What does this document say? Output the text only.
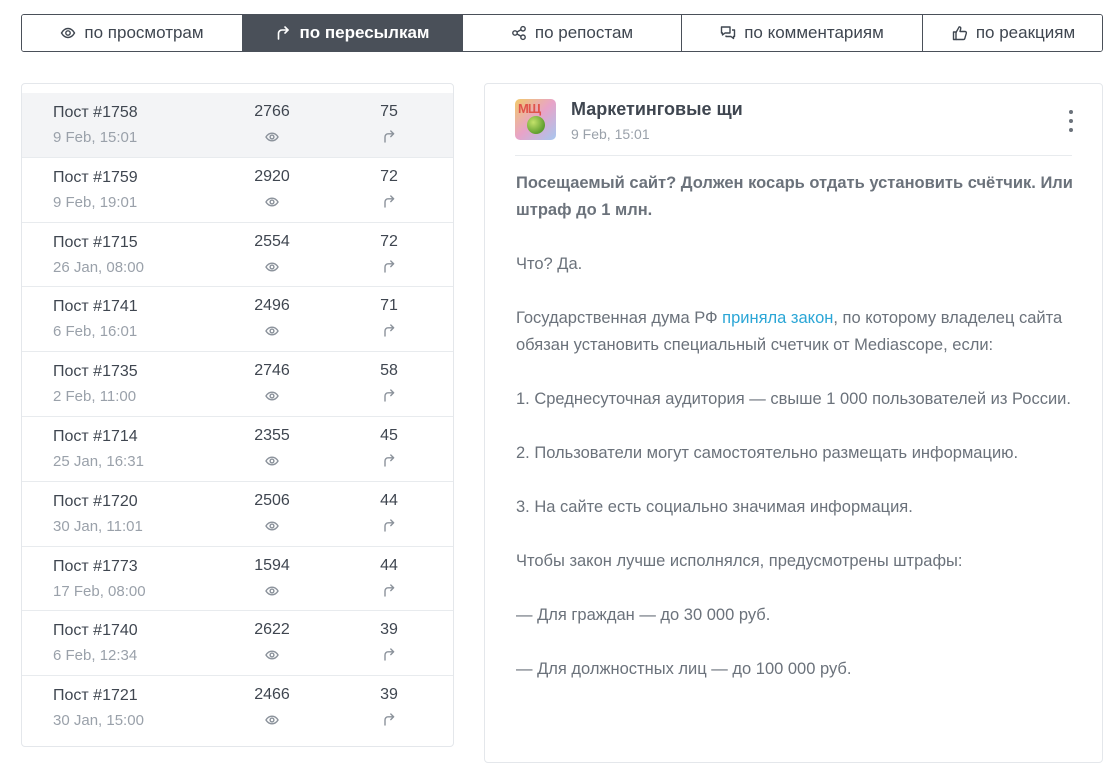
по просмотрам	по пересылкам	по репостам	по комментариям	по реакциям
Пост #1758
9 Feb, 15:01
2766	75
Пост #1759
9 Feb, 19:01
2920	72
Пост #1715
26 Jan, 08:00
2554	72
Пост #1741
6 Feb, 16:01
2496	71
Пост #1735
2 Feb, 11:00
2746	58
Пост #1714
25 Jan, 16:31
2355	45
Пост #1720
30 Jan, 11:01
2506	44
Пост #1773
17 Feb, 08:00
1594	44
Пост #1740
6 Feb, 12:34
2622	39
Пост #1721
30 Jan, 15:00
2466	39
МЩ Маркетинговые щи
9 Feb, 15:01

Посещаемый сайт? Должен косарь отдать установить счётчик. Или штраф до 1 млн.

Что? Да.

Государственная дума РФ приняла закон, по которому владелец сайта обязан установить специальный счетчик от Mediascope, если:

1. Среднесуточная аудитория — свыше 1 000 пользователей из России.

2. Пользователи могут самостоятельно размещать информацию.

3. На сайте есть социально значимая информация.

Чтобы закон лучше исполнялся, предусмотрены штрафы:

— Для граждан — до 30 000 руб.

— Для должностных лиц — до 100 000 руб.
